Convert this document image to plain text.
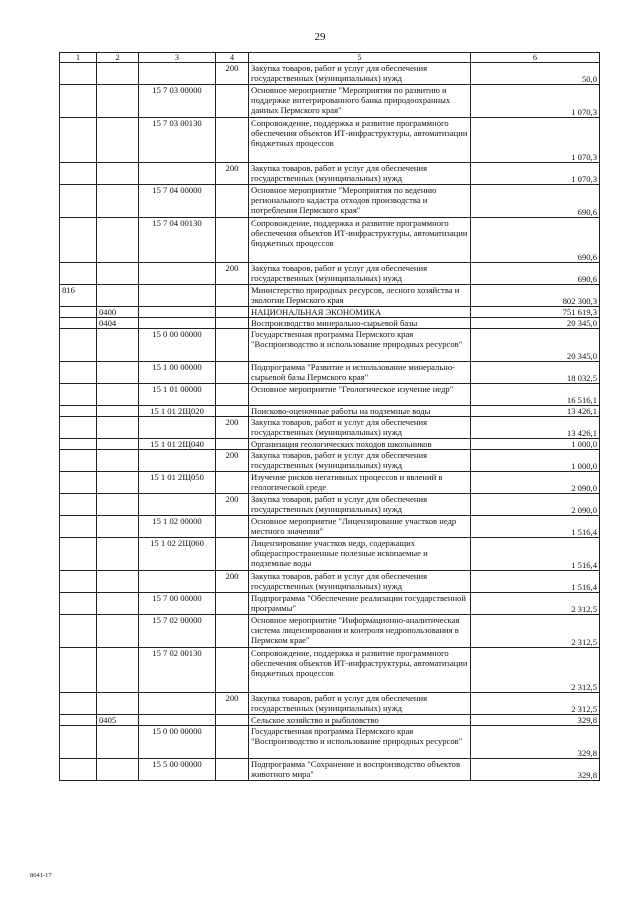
29
1	2	3	4	5	6
			200	Закупка товаров, работ и услуг для обеспечения государственных (муниципальных) нужд	50,0
		15 7 03 00000		Основное мероприятие "Мероприятия по развитию и поддержке интегрированного банка природоохранных данных Пермского края"	1 070,3
		15 7 03 00130		Сопровождение, поддержка и развитие программного обеспечения объектов ИТ-инфраструктуры, автоматизации бюджетных процессов	1 070,3
			200	Закупка товаров, работ и услуг для обеспечения государственных (муниципальных) нужд	1 070,3
		15 7 04 00000		Основное мероприятие "Мероприятия по ведению регионального кадастра отходов производства и потребления Пермского края"	690,6
		15 7 04 00130		Сопровождение, поддержка и развитие программного обеспечения объектов ИТ-инфраструктуры, автоматизации бюджетных процессов	690,6
			200	Закупка товаров, работ и услуг для обеспечения государственных (муниципальных) нужд	690,6
816				Министерство природных ресурсов, лесного хозяйства и экологии Пермского края	802 300,3
	0400			НАЦИОНАЛЬНАЯ ЭКОНОМИКА	751 619,3
	0404			Воспроизводство минерально-сырьевой базы	20 345,0
		15 0 00 00000		Государственная программа Пермского края "Воспроизводство и использование природных ресурсов"	20 345,0
		15 1 00 00000		Подпрограмма "Развитие и использование минерально-сырьевой базы Пермского края"	18 032,5
		15 1 01 00000		Основное мероприятие "Геологическое изучение недр"	16 516,1
		15 1 01 2Щ020		Поисково-оценочные работы на подземные воды	13 426,1
			200	Закупка товаров, работ и услуг для обеспечения государственных (муниципальных) нужд	13 426,1
		15 1 01 2Щ040		Организация геологических походов школьников	1 000,0
			200	Закупка товаров, работ и услуг для обеспечения государственных (муниципальных) нужд	1 000,0
		15 1 01 2Щ050		Изучение рисков негативных процессов и явлений в геологической среде	2 090,0
			200	Закупка товаров, работ и услуг для обеспечения государственных (муниципальных) нужд	2 090,0
		15 1 02 00000		Основное мероприятие "Лицензирование участков недр местного значения"	1 516,4
		15 1 02 2Щ060		Лицензирование участков недр, содержащих общераспространенные полезные ископаемые и подземные воды	1 516,4
			200	Закупка товаров, работ и услуг для обеспечения государственных (муниципальных) нужд	1 516,4
		15 7 00 00000		Подпрограмма "Обеспечение реализации государственной программы"	2 312,5
		15 7 02 00000		Основное мероприятие "Информационно-аналитическая система лицензирования и контроля недропользования в Пермском крае"	2 312,5
		15 7 02 00130		Сопровождение, поддержка и развитие программного обеспечения объектов ИТ-инфраструктуры, автоматизации бюджетных процессов	2 312,5
			200	Закупка товаров, работ и услуг для обеспечения государственных (муниципальных) нужд	2 312,5
	0405			Сельское хозяйство и рыболовство	329,8
		15 0 00 00000		Государственная программа Пермского края "Воспроизводство и использование природных ресурсов"	329,8
		15 5 00 00000		Подпрограмма "Сохранение и воспроизводство объектов животного мира"	329,8
8641-17
